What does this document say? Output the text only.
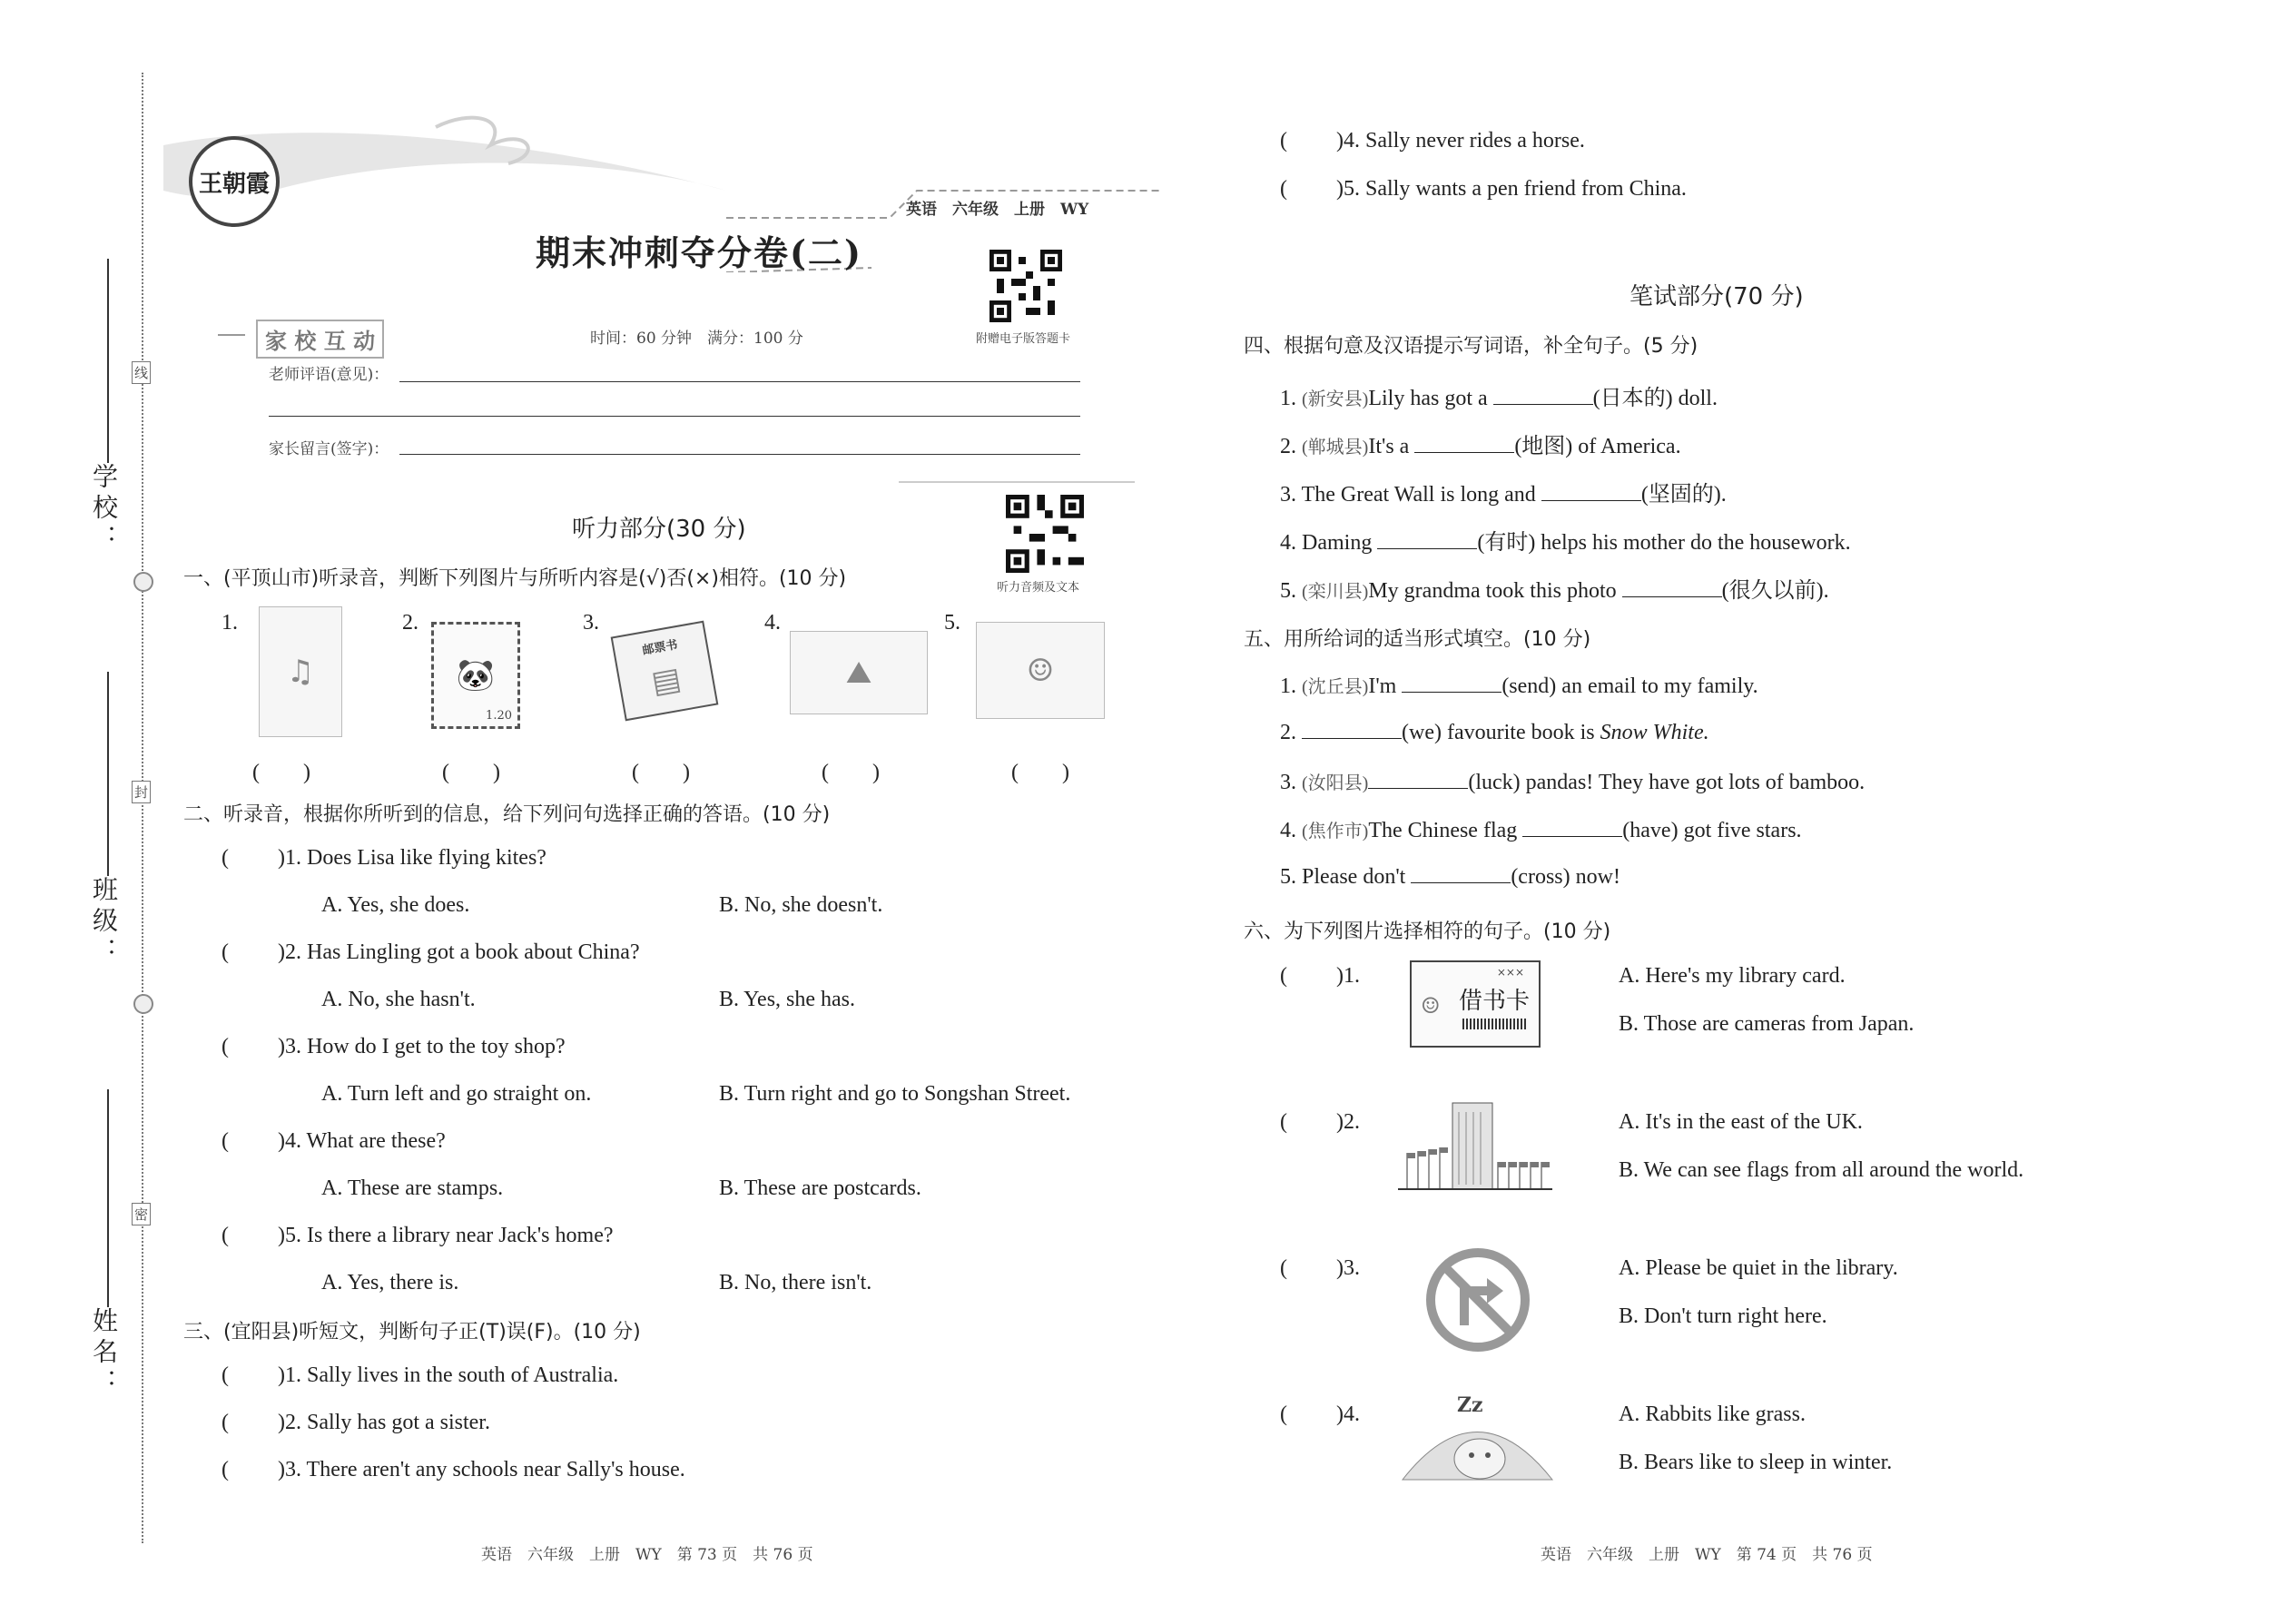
学校：
班级：
姓名：
线
封
密
王朝霞
英语　六年级　上册　WY
期末冲刺夺分卷(二)
附赠电子版答题卡
家 校 互 动	时间：60 分钟　满分：100 分
老师评语(意见)：
家长留言(签字)：
听力部分(30 分)
听力音频及文本
一、(平顶山市)听录音，判断下列图片与所听内容是(√)否(×)相符。(10 分)
1.
♫
2.
🐼
1.20
3.
邮票书
▤
4.
⛰
5.
☺
(　　)	(　　)	(　　)	(　　)	(　　)
二、听录音，根据你所听到的信息，给下列问句选择正确的答语。(10 分)
( )1. Does Lisa like flying kites?
A. Yes, she does.	B. No, she doesn't.
( )2. Has Lingling got a book about China?
A. No, she hasn't.	B. Yes, she has.
( )3. How do I get to the toy shop?
A. Turn left and go straight on.	B. Turn right and go to Songshan Street.
( )4. What are these?
A. These are stamps.	B. These are postcards.
( )5. Is there a library near Jack's home?
A. Yes, there is.	B. No, there isn't.
三、(宜阳县)听短文，判断句子正(T)误(F)。(10 分)
( )1. Sally lives in the south of Australia.
( )2. Sally has got a sister.
( )3. There aren't any schools near Sally's house.
英语　六年级　上册　WY　第 73 页　共 76 页
( )4. Sally never rides a horse.
( )5. Sally wants a pen friend from China.
笔试部分(70 分)
四、根据句意及汉语提示写词语，补全句子。(5 分)
1. (新安县)Lily has got a	(日本的) doll.
2. (郸城县)It's a	(地图) of America.
3. The Great Wall is long and	(坚固的).
4. Daming	(有时) helps his mother do the housework.
5. (栾川县)My grandma took this photo	(很久以前).
五、用所给词的适当形式填空。(10 分)
1. (沈丘县)I'm	(send) an email to my family.
2.	(we) favourite book is Snow White.
3. (汝阳县)	(luck) pandas! They have got lots of bamboo.
4. (焦作市)The Chinese flag	(have) got five stars.
5. Please don't	(cross) now!
六、为下列图片选择相符的句子。(10 分)
( )1.	×××
借书卡
☺
A. Here's my library card.
B. Those are cameras from Japan.
( )2.	A. It's in the east of the UK.
B. We can see flags from all around the world.
( )3.	A. Please be quiet in the library.
B. Don't turn right here.
( )4.	Zz	A. Rabbits like grass.
B. Bears like to sleep in winter.
英语　六年级　上册　WY　第 74 页　共 76 页
